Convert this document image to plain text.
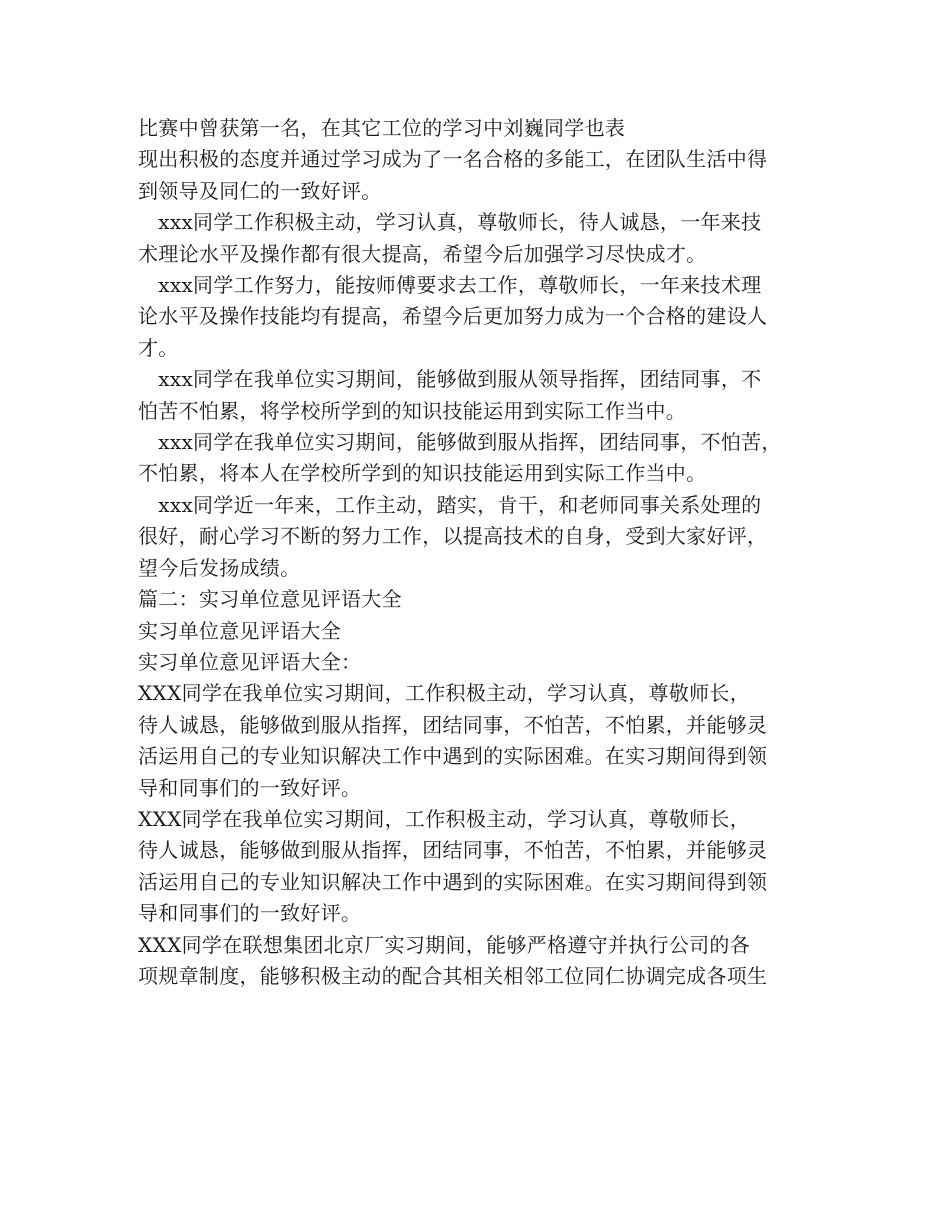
比赛中曾获第一名，在其它工位的学习中刘巍同学也表
现出积极的态度并通过学习成为了一名合格的多能工，在团队生活中得
到领导及同仁的一致好评。
　xxx同学工作积极主动，学习认真，尊敬师长，待人诚恳，一年来技
术理论水平及操作都有很大提高，希望今后加强学习尽快成才。
　xxx同学工作努力，能按师傅要求去工作，尊敬师长，一年来技术理
论水平及操作技能均有提高，希望今后更加努力成为一个合格的建设人
才。
　xxx同学在我单位实习期间，能够做到服从领导指挥，团结同事，不
怕苦不怕累，将学校所学到的知识技能运用到实际工作当中。
　xxx同学在我单位实习期间，能够做到服从指挥，团结同事，不怕苦，
不怕累，将本人在学校所学到的知识技能运用到实际工作当中。
　xxx同学近一年来，工作主动，踏实，肯干，和老师同事关系处理的
很好，耐心学习不断的努力工作，以提高技术的自身，受到大家好评，
望今后发扬成绩。
篇二：实习单位意见评语大全
实习单位意见评语大全
实习单位意见评语大全：
XXX同学在我单位实习期间，工作积极主动，学习认真，尊敬师长，
待人诚恳，能够做到服从指挥，团结同事，不怕苦，不怕累，并能够灵
活运用自己的专业知识解决工作中遇到的实际困难。在实习期间得到领
导和同事们的一致好评。
XXX同学在我单位实习期间，工作积极主动，学习认真，尊敬师长，
待人诚恳，能够做到服从指挥，团结同事，不怕苦，不怕累，并能够灵
活运用自己的专业知识解决工作中遇到的实际困难。在实习期间得到领
导和同事们的一致好评。
XXX同学在联想集团北京厂实习期间，能够严格遵守并执行公司的各
项规章制度，能够积极主动的配合其相关相邻工位同仁协调完成各项生
